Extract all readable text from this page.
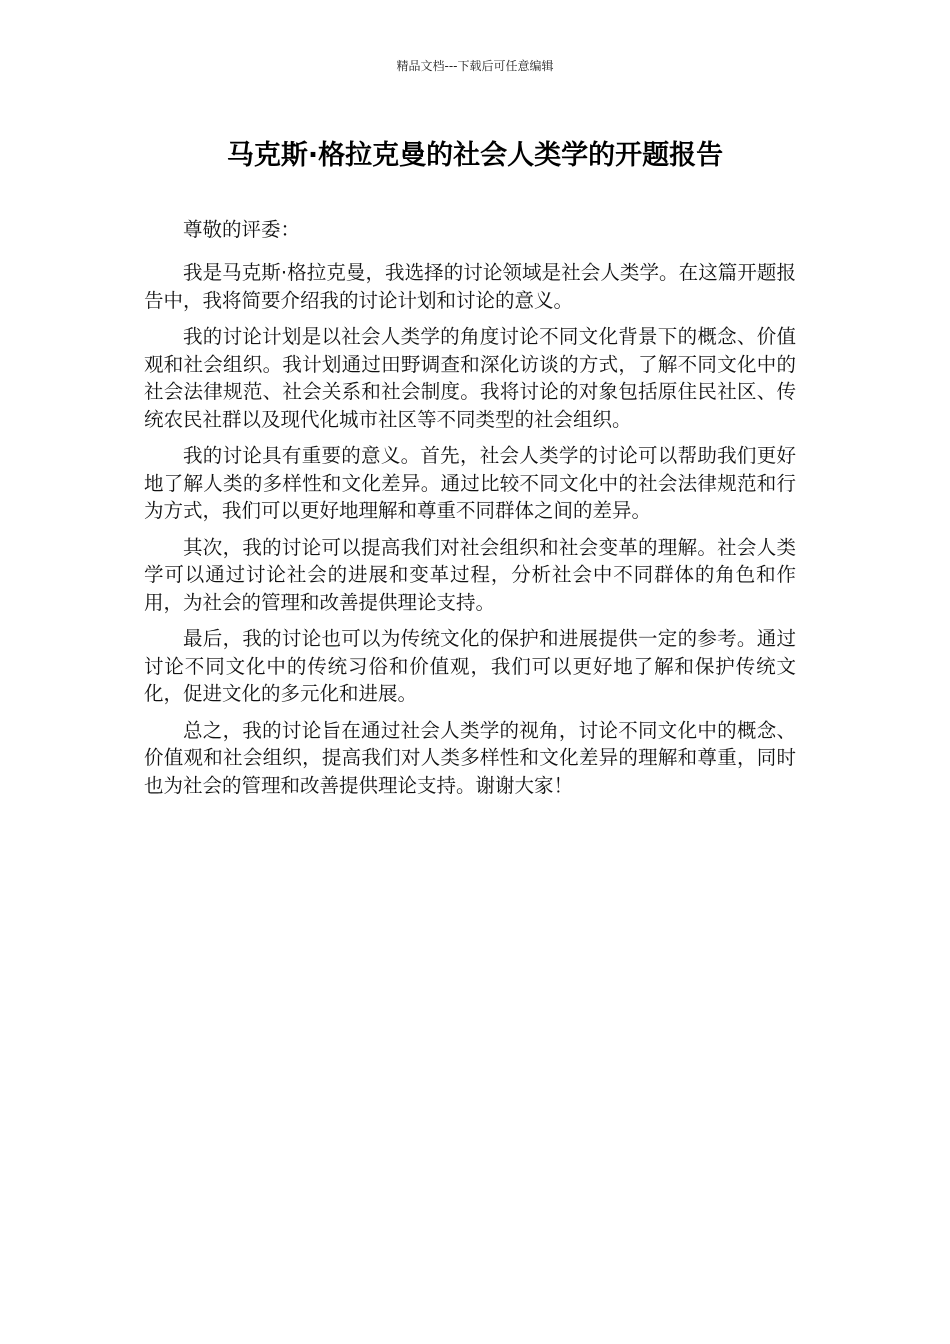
精品文档---下载后可任意编辑
马克斯·格拉克曼的社会人类学的开题报告

尊敬的评委：

我是马克斯·格拉克曼，我选择的讨论领域是社会人类学。在这篇开题报告中，我将简要介绍我的讨论计划和讨论的意义。

我的讨论计划是以社会人类学的角度讨论不同文化背景下的概念、价值观和社会组织。我计划通过田野调查和深化访谈的方式，了解不同文化中的社会法律规范、社会关系和社会制度。我将讨论的对象包括原住民社区、传统农民社群以及现代化城市社区等不同类型的社会组织。

我的讨论具有重要的意义。首先，社会人类学的讨论可以帮助我们更好地了解人类的多样性和文化差异。通过比较不同文化中的社会法律规范和行为方式，我们可以更好地理解和尊重不同群体之间的差异。

其次，我的讨论可以提高我们对社会组织和社会变革的理解。社会人类学可以通过讨论社会的进展和变革过程，分析社会中不同群体的角色和作用，为社会的管理和改善提供理论支持。

最后，我的讨论也可以为传统文化的保护和进展提供一定的参考。通过讨论不同文化中的传统习俗和价值观，我们可以更好地了解和保护传统文化，促进文化的多元化和进展。

总之，我的讨论旨在通过社会人类学的视角，讨论不同文化中的概念、价值观和社会组织，提高我们对人类多样性和文化差异的理解和尊重，同时也为社会的管理和改善提供理论支持。谢谢大家！
